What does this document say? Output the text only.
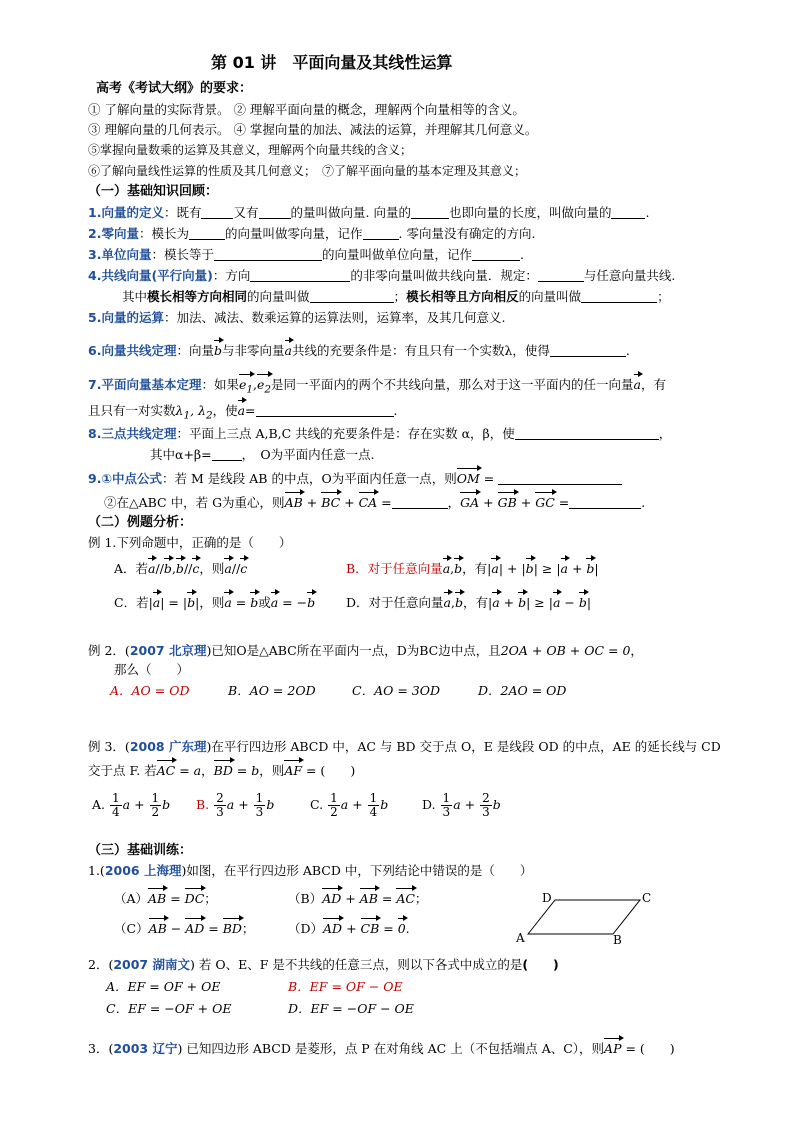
第 01 讲　平面向量及其线性运算
高考《考试大纲》的要求：
① 了解向量的实际背景。 ② 理解平面向量的概念，理解两个向量相等的含义。
③ 理解向量的几何表示。 ④ 掌握向量的加法、减法的运算，并理解其几何意义。
⑤掌握向量数乘的运算及其意义，理解两个向量共线的含义；
⑥了解向量线性运算的性质及其几何意义；　⑦了解平面向量的基本定理及其意义；
（一）基础知识回顾：
1.向量的定义：既有	又有	的量叫做向量. 向量的	也即向量的长度，叫做向量的	.
2.零向量：模长为	的向量叫做零向量，记作	. 零向量没有确定的方向.
3.单位向量：模长等于	的向量叫做单位向量，记作	.
4.共线向量(平行向量)：方向	的非零向量叫做共线向量．规定：	与任意向量共线.
其中模长相等方向相同的向量叫做	；模长相等且方向相反的向量叫做	；
5.向量的运算：加法、减法、数乘运算的运算法则，运算率，及其几何意义.
6.向量共线定理：向量b与非零向量a共线的充要条件是：有且只有一个实数λ，使得	.
7.平面向量基本定理：如果$e_1,e_2$是同一平面内的两个不共线向量，那么对于这一平面内的任一向量a，有
且只有一对实数$\lambda_1$, $\lambda_2$，使a=	.
8.三点共线定理：平面上三点 A,B,C 共线的充要条件是：存在实数 α，β，使	，
其中α+β= ，　O为平面内任意一点.
9.①中点公式：若 M 是线段 AB 的中点，O为平面内任意一点，则OM =
②在△ABC 中，若 G为重心，则AB + BC + CA =	，GA + GB + GC =	.
（二）例题分析：
例 1.下列命题中，正确的是（　　）
A．若a//b,b//c，则a//c	B．对于任意向量a,b，有|a| + |b| ≥ |a + b|
C．若|a| = |b|，则a = b或a = −b D．对于任意向量a,b，有|a + b| ≥ |a − b|
例 2．(2007 北京理)已知O是△ABC所在平面内一点，D为BC边中点，且2OA + OB + OC = 0，
那么（　　）
A．AO = OD	B．AO = 2OD	C．AO = 3OD	D．2AO = OD
例 3．(2008 广东理)在平行四边形 ABCD 中，AC 与 BD 交于点 O，E 是线段 OD 的中点，AE 的延长线与 CD
交于点 F. 若AC = a，BD = b，则AF = (　　)
A. $\frac{1}{4}$ $a + \frac{1}{2}$ b B. $\frac{2}{3}$ $a + \frac{1}{3}$ b	C. $\frac{1}{2}$ $a + \frac{1}{4}$ b	D. $\frac{1}{3}$ $a + \frac{2}{3}$ b
（三）基础训练：
1.(2006 上海理)如图，在平行四边形 ABCD 中，下列结论中错误的是（　　）
（A）AB = DC；	（B）AD + AB = AC；
（C）AB − AD = BD；	（D）AD + CB = 0.
D	C
A	B
2．(2007 湖南文) 若 O、E、F 是不共线的任意三点，则以下各式中成立的是(　　)
A．EF = OF + OE	B．EF = OF − OE
C．EF = −OF + OE	D．EF = −OF − OE
3．(2003 辽宁) 已知四边形 ABCD 是菱形，点 P 在对角线 AC 上（不包括端点 A、C），则AP = (　　)
